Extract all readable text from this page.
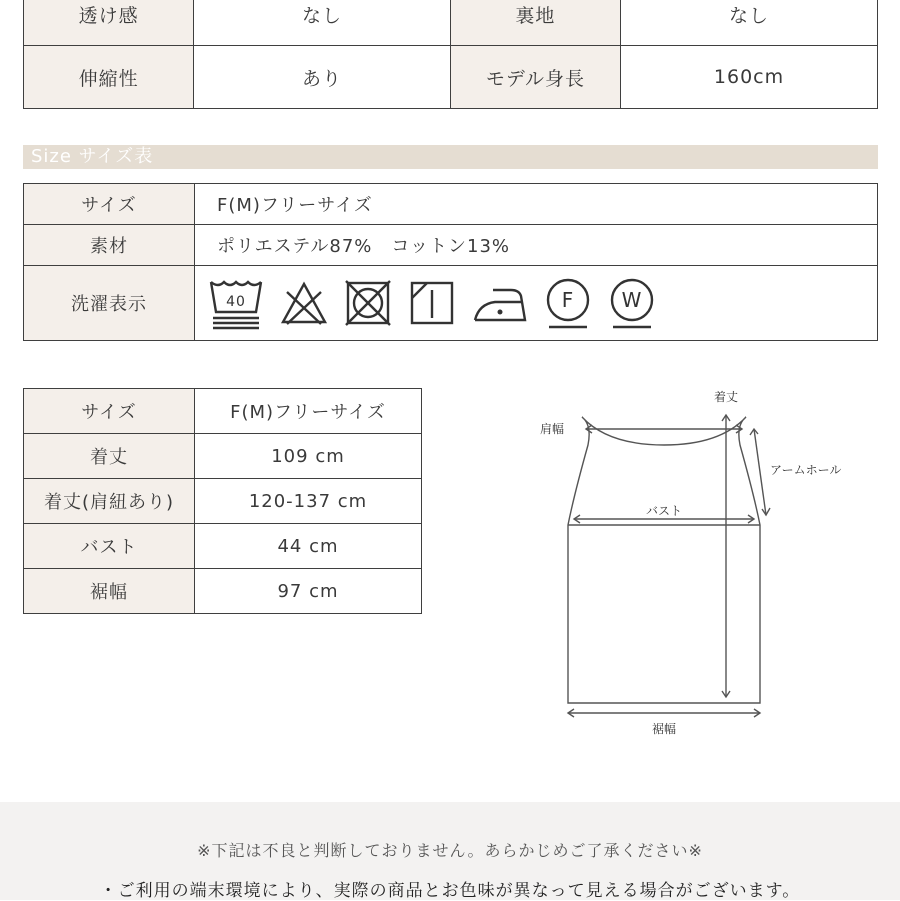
透け感	なし	裏地	なし
伸縮性	あり	モデル身長	160cm
Size サイズ表
サイズ	F(M)フリーサイズ
素材	ポリエステル87%　コットン13%
洗濯表示	40 F W
サイズ	F(M)フリーサイズ
着丈	109 cm
着丈(肩紐あり)	120-137 cm
バスト	44 cm
裾幅	97 cm
着丈
肩幅
アームホール
バスト
裾幅
※下記は不良と判断しておりません。あらかじめご了承ください※
・ご利用の端末環境により、実際の商品とお色味が異なって見える場合がございます。
